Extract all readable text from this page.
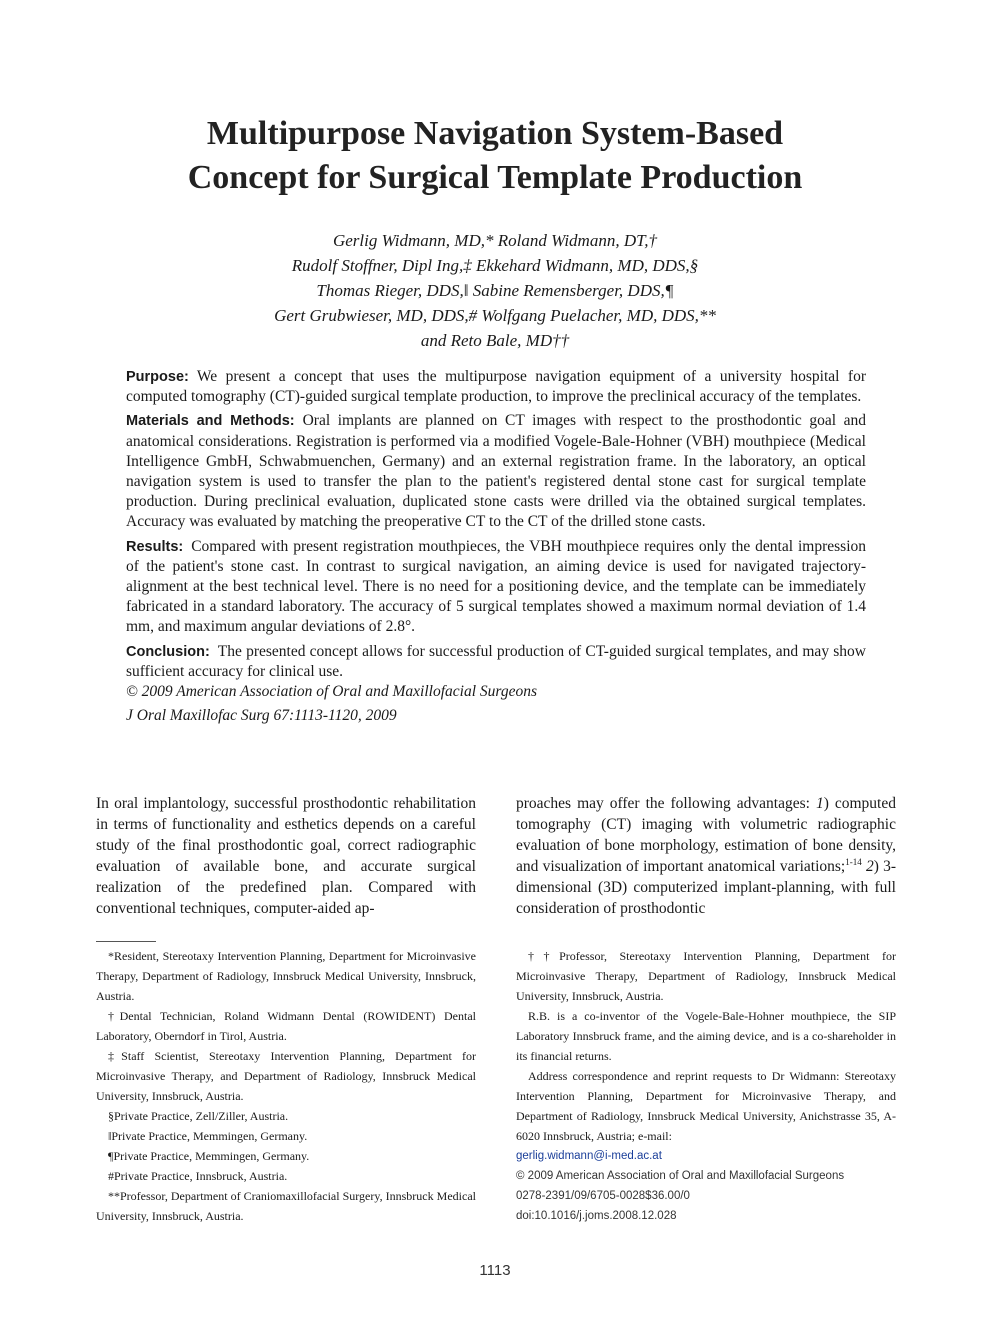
Multipurpose Navigation System-Based
Concept for Surgical Template Production
Gerlig Widmann, MD,* Roland Widmann, DT,†
Rudolf Stoffner, Dipl Ing,‡ Ekkehard Widmann, MD, DDS,§
Thomas Rieger, DDS,‖ Sabine Remensberger, DDS,¶
Gert Grubwieser, MD, DDS,# Wolfgang Puelacher, MD, DDS,**
and Reto Bale, MD††

Purpose: We present a concept that uses the multipurpose navigation equipment of a university hospital for computed tomography (CT)-guided surgical template production, to improve the preclinical accuracy of the templates.

Materials and Methods: Oral implants are planned on CT images with respect to the prosthodontic goal and anatomical considerations. Registration is performed via a modified Vogele-Bale-Hohner (VBH) mouthpiece (Medical Intelligence GmbH, Schwabmuenchen, Germany) and an external registration frame. In the laboratory, an optical navigation system is used to transfer the plan to the patient's registered dental stone cast for surgical template production. During preclinical evaluation, duplicated stone casts were drilled via the obtained surgical templates. Accuracy was evaluated by matching the preoperative CT to the CT of the drilled stone casts.

Results: Compared with present registration mouthpieces, the VBH mouthpiece requires only the dental impression of the patient's stone cast. In contrast to surgical navigation, an aiming device is used for navigated trajectory-alignment at the best technical level. There is no need for a positioning device, and the template can be immediately fabricated in a standard laboratory. The accuracy of 5 surgical templates showed a maximum normal deviation of 1.4 mm, and maximum angular deviations of 2.8°.

Conclusion: The presented concept allows for successful production of CT-guided surgical templates, and may show sufficient accuracy for clinical use.

© 2009 American Association of Oral and Maxillofacial Surgeons

J Oral Maxillofac Surg 67:1113-1120, 2009

In oral implantology, successful prosthodontic rehabilitation in terms of functionality and esthetics depends on a careful study of the final prosthodontic goal, correct radiographic evaluation of available bone, and accurate surgical realization of the predefined plan. Compared with conventional techniques, computer-aided ap-

proaches may offer the following advantages: 1) computed tomography (CT) imaging with volumetric radiographic evaluation of bone morphology, estimation of bone density, and visualization of important anatomical variations;$^{1-14}$ 2) 3-dimensional (3D) computerized implant-planning, with full consideration of prosthodontic

*Resident, Stereotaxy Intervention Planning, Department for Microinvasive Therapy, Department of Radiology, Innsbruck Medical University, Innsbruck, Austria.

†Dental Technician, Roland Widmann Dental (ROWIDENT) Dental Laboratory, Oberndorf in Tirol, Austria.

‡Staff Scientist, Stereotaxy Intervention Planning, Department for Microinvasive Therapy, and Department of Radiology, Innsbruck Medical University, Innsbruck, Austria.

§Private Practice, Zell/Ziller, Austria.

‖Private Practice, Memmingen, Germany.

¶Private Practice, Memmingen, Germany.

#Private Practice, Innsbruck, Austria.

**Professor, Department of Craniomaxillofacial Surgery, Innsbruck Medical University, Innsbruck, Austria.

††Professor, Stereotaxy Intervention Planning, Department for Microinvasive Therapy, Department of Radiology, Innsbruck Medical University, Innsbruck, Austria.

R.B. is a co-inventor of the Vogele-Bale-Hohner mouthpiece, the SIP Laboratory Innsbruck frame, and the aiming device, and is a co-shareholder in its financial returns.

Address correspondence and reprint requests to Dr Widmann: Stereotaxy Intervention Planning, Department for Microinvasive Therapy, and Department of Radiology, Innsbruck Medical University, Anichstrasse 35, A-6020 Innsbruck, Austria; e-mail:

gerlig.widmann@i-med.ac.at

© 2009 American Association of Oral and Maxillofacial Surgeons

0278-2391/09/6705-0028$36.00/0

doi:10.1016/j.joms.2008.12.028

1113
